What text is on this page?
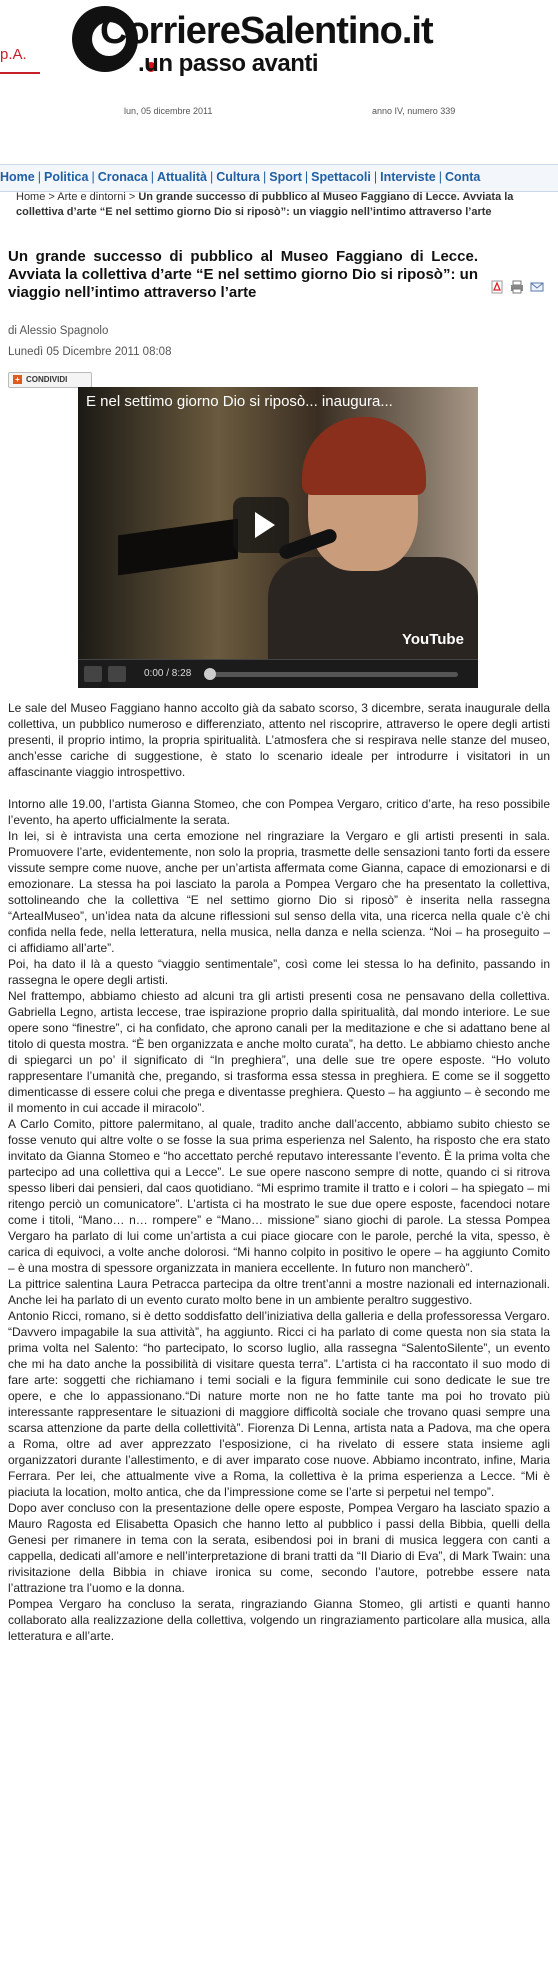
p.A.
CorriereSalentino.it
.un passo avanti
lun, 05 dicembre 2011	anno IV, numero 339
Home | Politica | Cronaca | Attualità | Cultura | Sport | Spettacoli | Interviste | Conta
Home > Arte e dintorni > Un grande successo di pubblico al Museo Faggiano di Lecce. Avviata la collettiva d’arte “E nel settimo giorno Dio si riposò”: un viaggio nell’intimo attraverso l’arte
Un grande successo di pubblico al Museo Faggiano di Lecce. Avviata la collettiva d’arte “E nel settimo giorno Dio si riposò”: un viaggio nell’intimo attraverso l’arte
di Alessio Spagnolo
Lunedì 05 Dicembre 2011 08:08
+ CONDIVIDI
E nel settimo giorno Dio si riposò... inaugura...
YouTube
0:00 / 8:28

Le sale del Museo Faggiano hanno accolto già da sabato scorso, 3 dicembre, serata inaugurale della collettiva, un pubblico numeroso e differenziato, attento nel riscoprire, attraverso le opere degli artisti presenti, il proprio intimo, la propria spiritualità. L’atmosfera che si respirava nelle stanze del museo, anch’esse cariche di suggestione, è stato lo scenario ideale per introdurre i visitatori in un affascinante viaggio introspettivo.

Intorno alle 19.00, l’artista Gianna Stomeo, che con Pompea Vergaro, critico d’arte, ha reso possibile l’evento, ha aperto ufficialmente la serata.

In lei, si è intravista una certa emozione nel ringraziare la Vergaro e gli artisti presenti in sala. Promuovere l’arte, evidentemente, non solo la propria, trasmette delle sensazioni tanto forti da essere vissute sempre come nuove, anche per un’artista affermata come Gianna, capace di emozionarsi e di emozionare. La stessa ha poi lasciato la parola a Pompea Vergaro che ha presentato la collettiva, sottolineando che la collettiva “E nel settimo giorno Dio si riposò” è inserita nella rassegna “ArteaIMuseo”, un’idea nata da alcune riflessioni sul senso della vita, una ricerca nella quale c’è chi confida nella fede, nella letteratura, nella musica, nella danza e nella scienza. “Noi – ha proseguito – ci affidiamo all’arte”.

Poi, ha dato il là a questo “viaggio sentimentale”, così come lei stessa lo ha definito, passando in rassegna le opere degli artisti.

Nel frattempo, abbiamo chiesto ad alcuni tra gli artisti presenti cosa ne pensavano della collettiva. Gabriella Legno, artista leccese, trae ispirazione proprio dalla spiritualità, dal mondo interiore. Le sue opere sono “finestre”, ci ha confidato, che aprono canali per la meditazione e che si adattano bene al titolo di questa mostra. “È ben organizzata e anche molto curata”, ha detto. Le abbiamo chiesto anche di spiegarci un po’ il significato di “In preghiera”, una delle sue tre opere esposte. “Ho voluto rappresentare l’umanità che, pregando, si trasforma essa stessa in preghiera. E come se il soggetto dimenticasse di essere colui che prega e diventasse preghiera. Questo – ha aggiunto – è secondo me il momento in cui accade il miracolo”.

A Carlo Comito, pittore palermitano, al quale, tradito anche dall’accento, abbiamo subito chiesto se fosse venuto qui altre volte o se fosse la sua prima esperienza nel Salento, ha risposto che era stato invitato da Gianna Stomeo e “ho accettato perché reputavo interessante l’evento. È la prima volta che partecipo ad una collettiva qui a Lecce”. Le sue opere nascono sempre di notte, quando ci si ritrova spesso liberi dai pensieri, dal caos quotidiano. “Mi esprimo tramite il tratto e i colori – ha spiegato – mi ritengo perciò un comunicatore”. L’artista ci ha mostrato le sue due opere esposte, facendoci notare come i titoli, “Mano… n… rompere” e “Mano… missione” siano giochi di parole. La stessa Pompea Vergaro ha parlato di lui come un’artista a cui piace giocare con le parole, perché la vita, spesso, è carica di equivoci, a volte anche dolorosi. “Mi hanno colpito in positivo le opere – ha aggiunto Comito – è una mostra di spessore organizzata in maniera eccellente. In futuro non mancherò”.

La pittrice salentina Laura Petracca partecipa da oltre trent’anni a mostre nazionali ed internazionali. Anche lei ha parlato di un evento curato molto bene in un ambiente peraltro suggestivo.

Antonio Ricci, romano, si è detto soddisfatto dell’iniziativa della galleria e della professoressa Vergaro. “Davvero impagabile la sua attività”, ha aggiunto. Ricci ci ha parlato di come questa non sia stata la prima volta nel Salento: “ho partecipato, lo scorso luglio, alla rassegna “SalentoSilente”, un evento che mi ha dato anche la possibilità di visitare questa terra”. L’artista ci ha raccontato il suo modo di fare arte: soggetti che richiamano i temi sociali e la figura femminile cui sono dedicate le sue tre opere, e che lo appassionano.“Di nature morte non ne ho fatte tante ma poi ho trovato più interessante rappresentare le situazioni di maggiore difficoltà sociale che trovano quasi sempre una scarsa attenzione da parte della collettività”. Fiorenza Di Lenna, artista nata a Padova, ma che opera a Roma, oltre ad aver apprezzato l’esposizione, ci ha rivelato di essere stata insieme agli organizzatori durante l’allestimento, e di aver imparato cose nuove. Abbiamo incontrato, infine, Maria Ferrara. Per lei, che attualmente vive a Roma, la collettiva è la prima esperienza a Lecce. “Mi è piaciuta la location, molto antica, che da l’impressione come se l’arte si perpetui nel tempo”.

Dopo aver concluso con la presentazione delle opere esposte, Pompea Vergaro ha lasciato spazio a Mauro Ragosta ed Elisabetta Opasich che hanno letto al pubblico i passi della Bibbia, quelli della Genesi per rimanere in tema con la serata, esibendosi poi in brani di musica leggera con canti a cappella, dedicati all’amore e nell’interpretazione di brani tratti da “Il Diario di Eva”, di Mark Twain: una rivisitazione della Bibbia in chiave ironica su come, secondo l’autore, potrebbe essere nata l’attrazione tra l’uomo e la donna.

Pompea Vergaro ha concluso la serata, ringraziando Gianna Stomeo, gli artisti e quanti hanno collaborato alla realizzazione della collettiva, volgendo un ringraziamento particolare alla musica, alla letteratura e all’arte.
